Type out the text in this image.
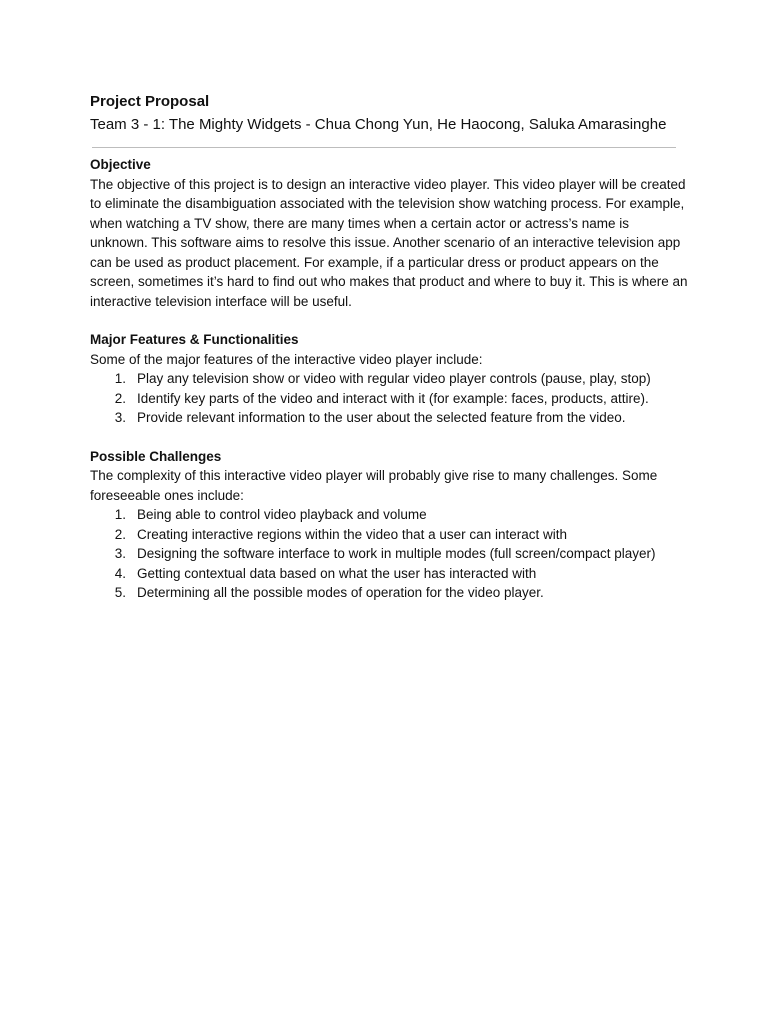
Project Proposal

Team 3 - 1: The Mighty Widgets - Chua Chong Yun, He Haocong, Saluka Amarasinghe

Objective

The objective of this project is to design an interactive video player. This video player will be created to eliminate the disambiguation associated with the television show watching process. For example, when watching a TV show, there are many times when a certain actor or actress’s name is unknown. This software aims to resolve this issue. Another scenario of an interactive television app can be used as product placement. For example, if a particular dress or product appears on the screen, sometimes it’s hard to find out who makes that product and where to buy it. This is where an interactive television interface will be useful.

Major Features & Functionalities

Some of the major features of the interactive video player include:

1. Play any television show or video with regular video player controls (pause, play, stop)
2. Identify key parts of the video and interact with it (for example: faces, products, attire).
3. Provide relevant information to the user about the selected feature from the video.
Possible Challenges

The complexity of this interactive video player will probably give rise to many challenges. Some foreseeable ones include:

1. Being able to control video playback and volume
2. Creating interactive regions within the video that a user can interact with
3. Designing the software interface to work in multiple modes (full screen/compact player)
4. Getting contextual data based on what the user has interacted with
5. Determining all the possible modes of operation for the video player.
